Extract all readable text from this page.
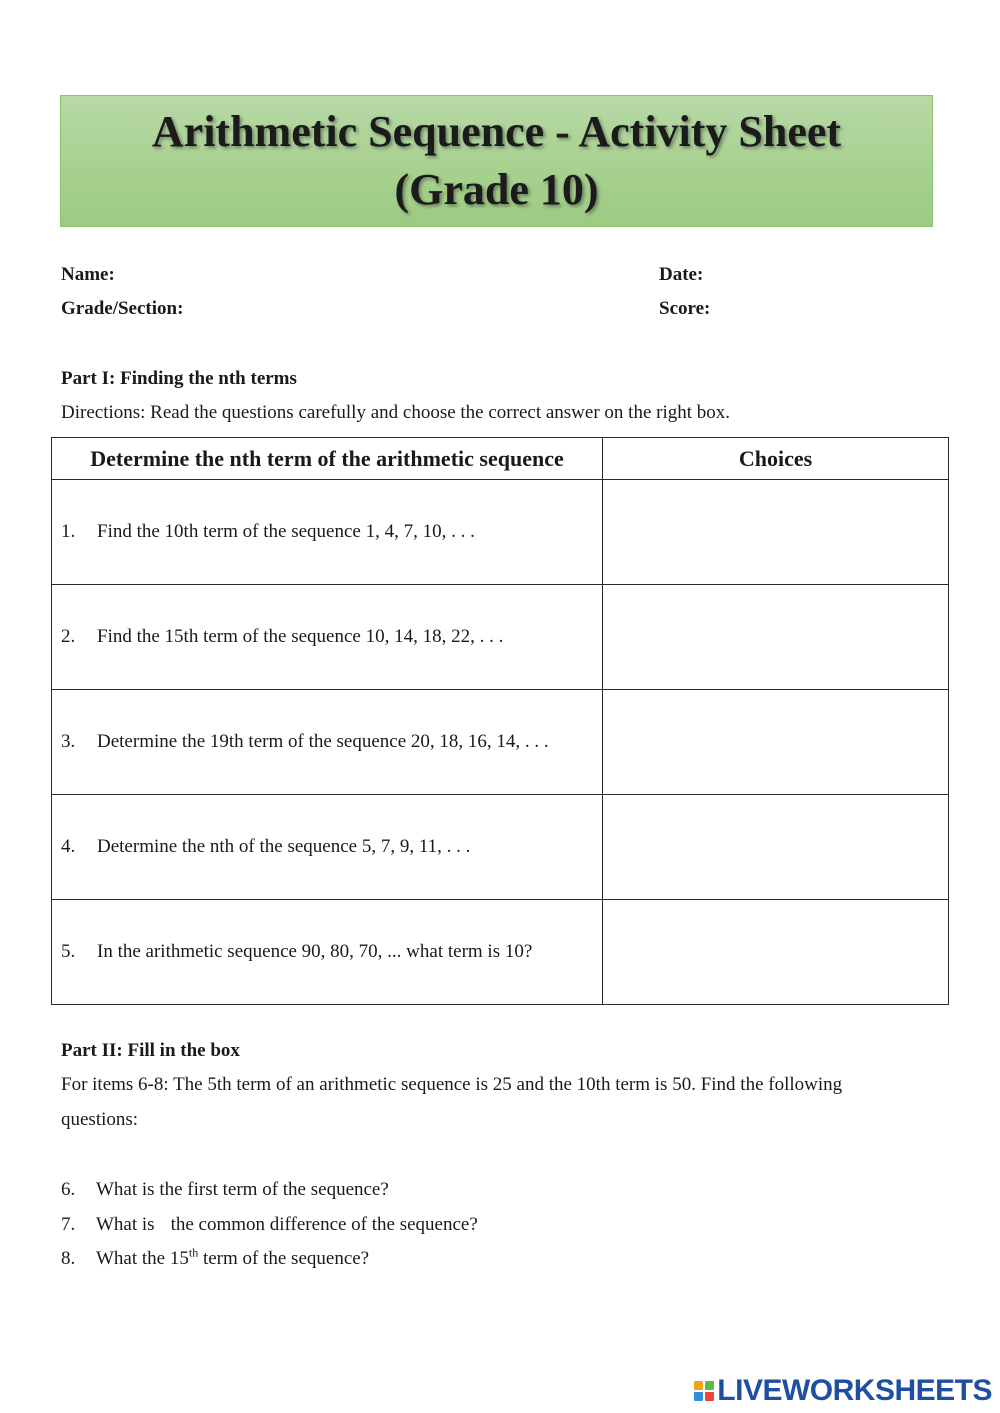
Arithmetic Sequence - Activity Sheet
(Grade 10)
Name:	Date:
Grade/Section:	Score:
Part I: Finding the nth terms
Directions: Read the questions carefully and choose the correct answer on the right box.
Determine the nth term of the arithmetic sequence	Choices

1. Find the 10th term of the sequence 1, 4, 7, 10, . . .	

2. Find the 15th term of the sequence 10, 14, 18, 22, . . .	

3. Determine the 19th term of the sequence 20, 18, 16, 14, . . .	

4. Determine the nth of the sequence 5, 7, 9, 11, . . .	

5. In the arithmetic sequence 90, 80, 70, ... what term is 10?	

Part II: Fill in the box
For items 6-8: The 5th term of an arithmetic sequence is 25 and the 10th term is 50. Find the following
questions:
6.	What is the first term of the sequence?
7.	What is the common difference of the sequence?
8.	What the 15th term of the sequence?
LIVEWORKSHEETS
